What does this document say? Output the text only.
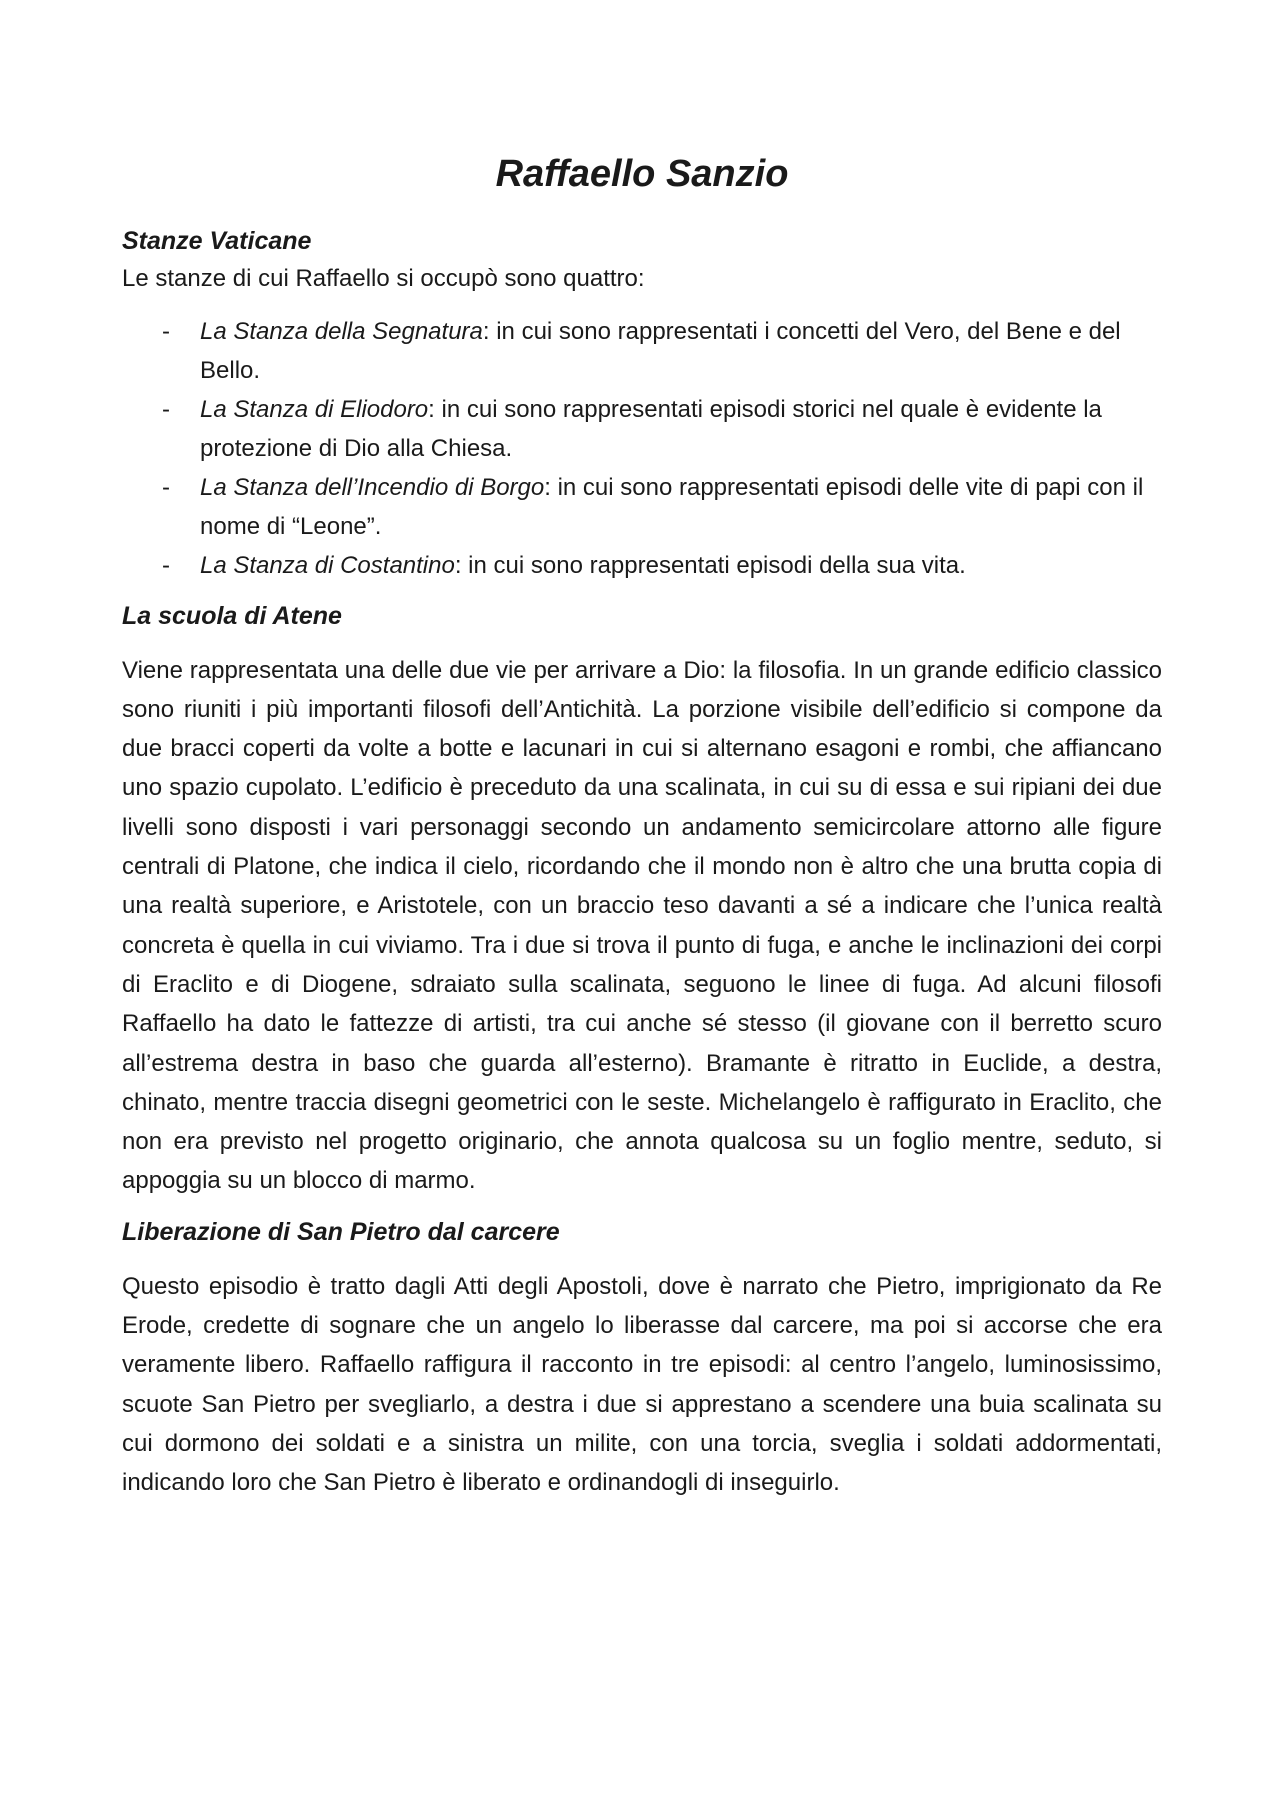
Raffaello Sanzio
Stanze Vaticane

Le stanze di cui Raffaello si occupò sono quattro:

- La Stanza della Segnatura: in cui sono rappresentati i concetti del Vero, del Bene e del Bello.
- La Stanza di Eliodoro: in cui sono rappresentati episodi storici nel quale è evidente la protezione di Dio alla Chiesa.
- La Stanza dell’Incendio di Borgo: in cui sono rappresentati episodi delle vite di papi con il nome di “Leone”.
- La Stanza di Costantino: in cui sono rappresentati episodi della sua vita.
La scuola di Atene

Viene rappresentata una delle due vie per arrivare a Dio: la filosofia. In un grande edificio classico sono riuniti i più importanti filosofi dell’Antichità. La porzione visibile dell’edificio si compone da due bracci coperti da volte a botte e lacunari in cui si alternano esagoni e rombi, che affiancano uno spazio cupolato. L’edificio è preceduto da una scalinata, in cui su di essa e sui ripiani dei due livelli sono disposti i vari personaggi secondo un andamento semicircolare attorno alle figure centrali di Platone, che indica il cielo, ricordando che il mondo non è altro che una brutta copia di una realtà superiore, e Aristotele, con un braccio teso davanti a sé a indicare che l’unica realtà concreta è quella in cui viviamo. Tra i due si trova il punto di fuga, e anche le inclinazioni dei corpi di Eraclito e di Diogene, sdraiato sulla scalinata, seguono le linee di fuga. Ad alcuni filosofi Raffaello ha dato le fattezze di artisti, tra cui anche sé stesso (il giovane con il berretto scuro all’estrema destra in baso che guarda all’esterno). Bramante è ritratto in Euclide, a destra, chinato, mentre traccia disegni geometrici con le seste. Michelangelo è raffigurato in Eraclito, che non era previsto nel progetto originario, che annota qualcosa su un foglio mentre, seduto, si appoggia su un blocco di marmo.

Liberazione di San Pietro dal carcere

Questo episodio è tratto dagli Atti degli Apostoli, dove è narrato che Pietro, imprigionato da Re Erode, credette di sognare che un angelo lo liberasse dal carcere, ma poi si accorse che era veramente libero. Raffaello raffigura il racconto in tre episodi: al centro l’angelo, luminosissimo, scuote San Pietro per svegliarlo, a destra i due si apprestano a scendere una buia scalinata su cui dormono dei soldati e a sinistra un milite, con una torcia, sveglia i soldati addormentati, indicando loro che San Pietro è liberato e ordinandogli di inseguirlo.
